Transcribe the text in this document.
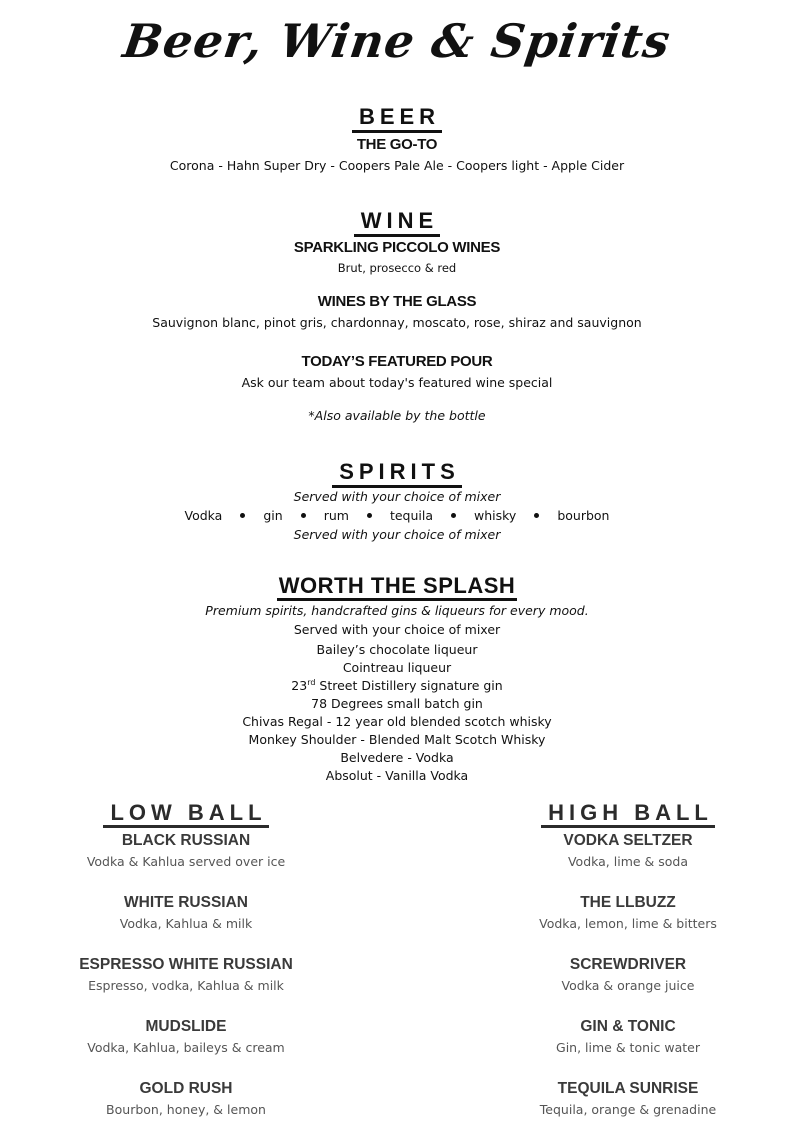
Beer, Wine & Spirits
BEER
THE GO-TO
Corona - Hahn Super Dry - Coopers Pale Ale - Coopers light - Apple Cider
WINE
SPARKLING PICCOLO WINES
Brut, prosecco & red
WINES BY THE GLASS
Sauvignon blanc, pinot gris, chardonnay, moscato, rose, shiraz and sauvignon
TODAY’S FEATURED POUR
Ask our team about today's featured wine special
*Also available by the bottle
SPIRITS
Served with your choice of mixer
Vodka	gin	rum	tequila	whisky	bourbon
Served with your choice of mixer
WORTH THE SPLASH
Premium spirits, handcrafted gins & liqueurs for every mood.
Served with your choice of mixer
Bailey’s chocolate liqueur
Cointreau liqueur
23rd Street Distillery signature gin
78 Degrees small batch gin
Chivas Regal - 12 year old blended scotch whisky
Monkey Shoulder - Blended Malt Scotch Whisky
Belvedere - Vodka
Absolut - Vanilla Vodka
LOW BALL
BLACK RUSSIAN
Vodka & Kahlua served over ice
WHITE RUSSIAN
Vodka, Kahlua & milk
ESPRESSO WHITE RUSSIAN
Espresso, vodka, Kahlua & milk
MUDSLIDE
Vodka, Kahlua, baileys & cream
GOLD RUSH
Bourbon, honey, & lemon
HIGH BALL
VODKA SELTZER
Vodka, lime & soda
THE LLBUZZ
Vodka, lemon, lime & bitters
SCREWDRIVER
Vodka & orange juice
GIN & TONIC
Gin, lime & tonic water
TEQUILA SUNRISE
Tequila, orange & grenadine
